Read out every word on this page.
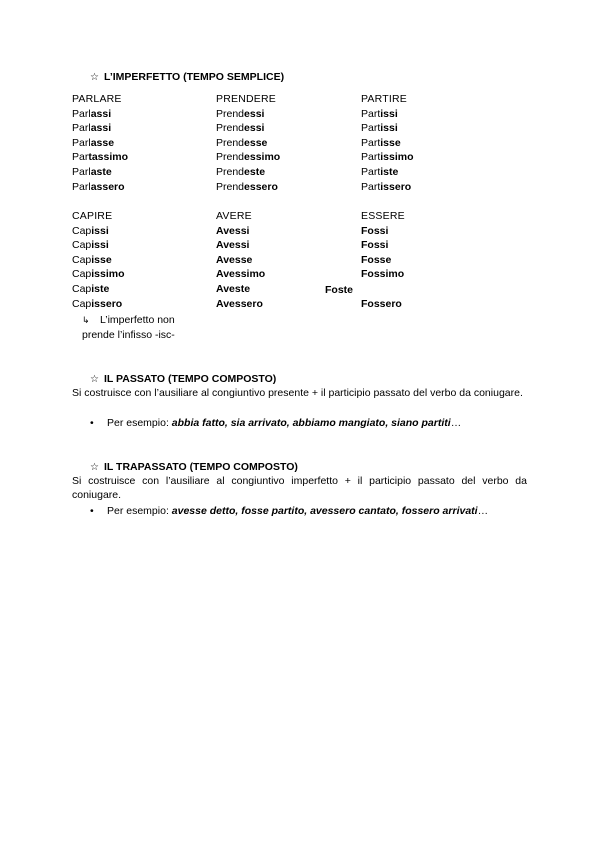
☆ L’IMPERFETTO (TEMPO SEMPLICE)
PARLARE
Parlassi
Parlassi
Parlasse
Partassimo
Parlaste
Parlassero
PRENDERE
Prendessi
Prendessi
Prendesse
Prendessimo
Prendeste
Prendessero
PARTIRE
Partissi
Partissi
Partisse
Partissimo
Partiste
Partissero
CAPIRE
Capissi
Capissi
Capisse
Capissimo
Capiste
Capissero
AVERE
Avessi
Avessi
Avesse
Avessimo
Aveste
Avessero
ESSERE
Fossi
Fossi
Fosse
Fossimo
Fossero
Foste
↳ L’imperfetto non
prende l’infisso -isc-
☆ IL PASSATO (TEMPO COMPOSTO)
Si costruisce con l’ausiliare al congiuntivo presente + il participio passato del verbo da coniugare.
• Per esempio: abbia fatto, sia arrivato, abbiamo mangiato, siano partiti…
☆ IL TRAPASSATO (TEMPO COMPOSTO)
Si costruisce con l’ausiliare al congiuntivo imperfetto + il participio passato del verbo da coniugare.
• Per esempio: avesse detto, fosse partito, avessero cantato, fossero arrivati…
